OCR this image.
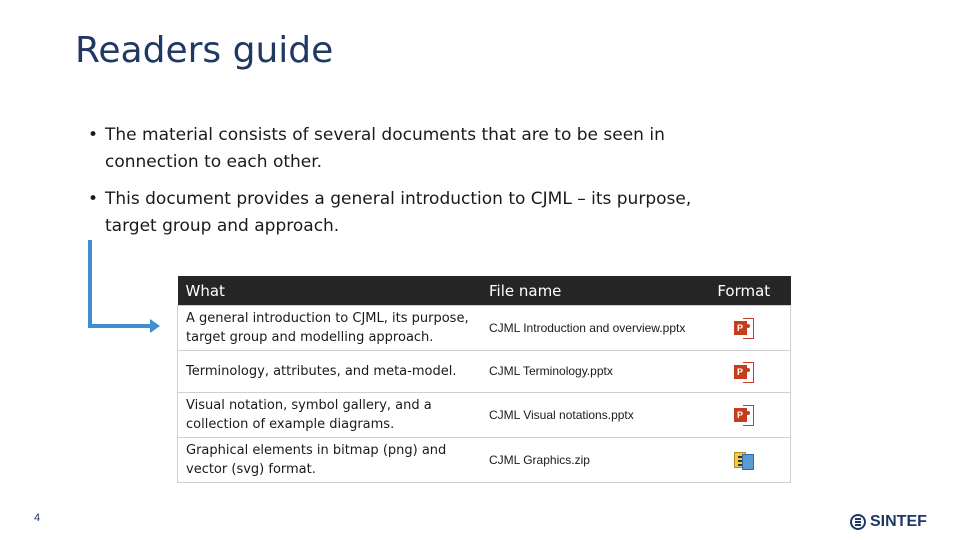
Readers guide
• The material consists of several documents that are to be seen in connection to each other.
• This document provides a general introduction to CJML – its purpose, target group and approach.
What	File name	Format
A general introduction to CJML, its purpose, target group and modelling approach.	CJML Introduction and overview.pptx	P

Terminology, attributes, and meta-model.	CJML Terminology.pptx	P

Visual notation, symbol gallery, and a collection of example diagrams.	CJML Visual notations.pptx	P

Graphical elements in bitmap (png) and vector (svg) format.	CJML Graphics.zip	
4	SINTEF
